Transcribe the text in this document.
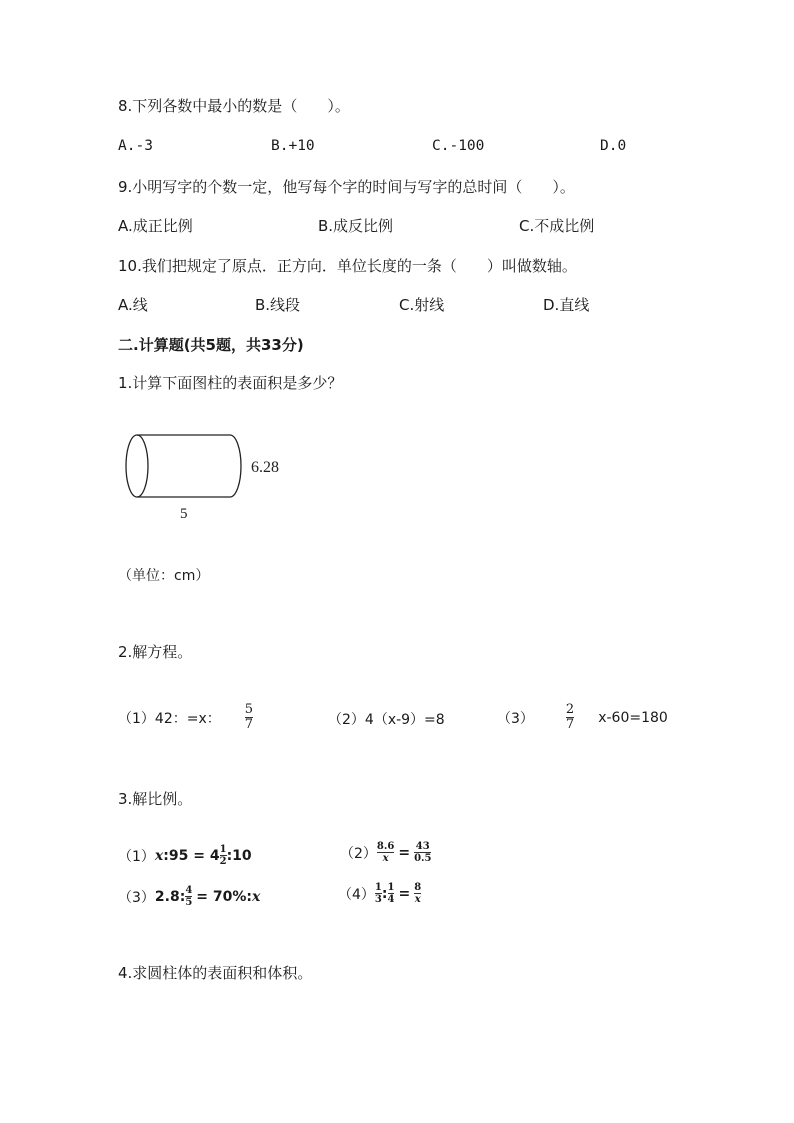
8.下列各数中最小的数是（　　）。
A.-3	B.+10	C.-100	D.0
9.小明写字的个数一定，他写每个字的时间与写字的总时间（　　）。
A.成正比例	B.成反比例	C.不成比例
10.我们把规定了原点．正方向．单位长度的一条（　　）叫做数轴。
A.线	B.线段	C.射线	D.直线
二.计算题(共5题，共33分)
1.计算下面图柱的表面积是多少？
6.28
5
（单位：cm）
2.解方程。
（1）42：=x： $\frac{5}{7}$	（2）4（x-9）=8	$(3) \frac{2}{7} x-60=180$
3.解比例。
（1） x :95 = $4 \frac{1}{2}$ :10	$(2) \frac{8.6}{x} = \frac{43}{0.5}$
（3） 2.8: $\frac{4}{5} = 70\%$: x	$(4) \frac{1}{3}$ : $\frac{1}{4} = \frac{8}{x}$
4.求圆柱体的表面积和体积。
